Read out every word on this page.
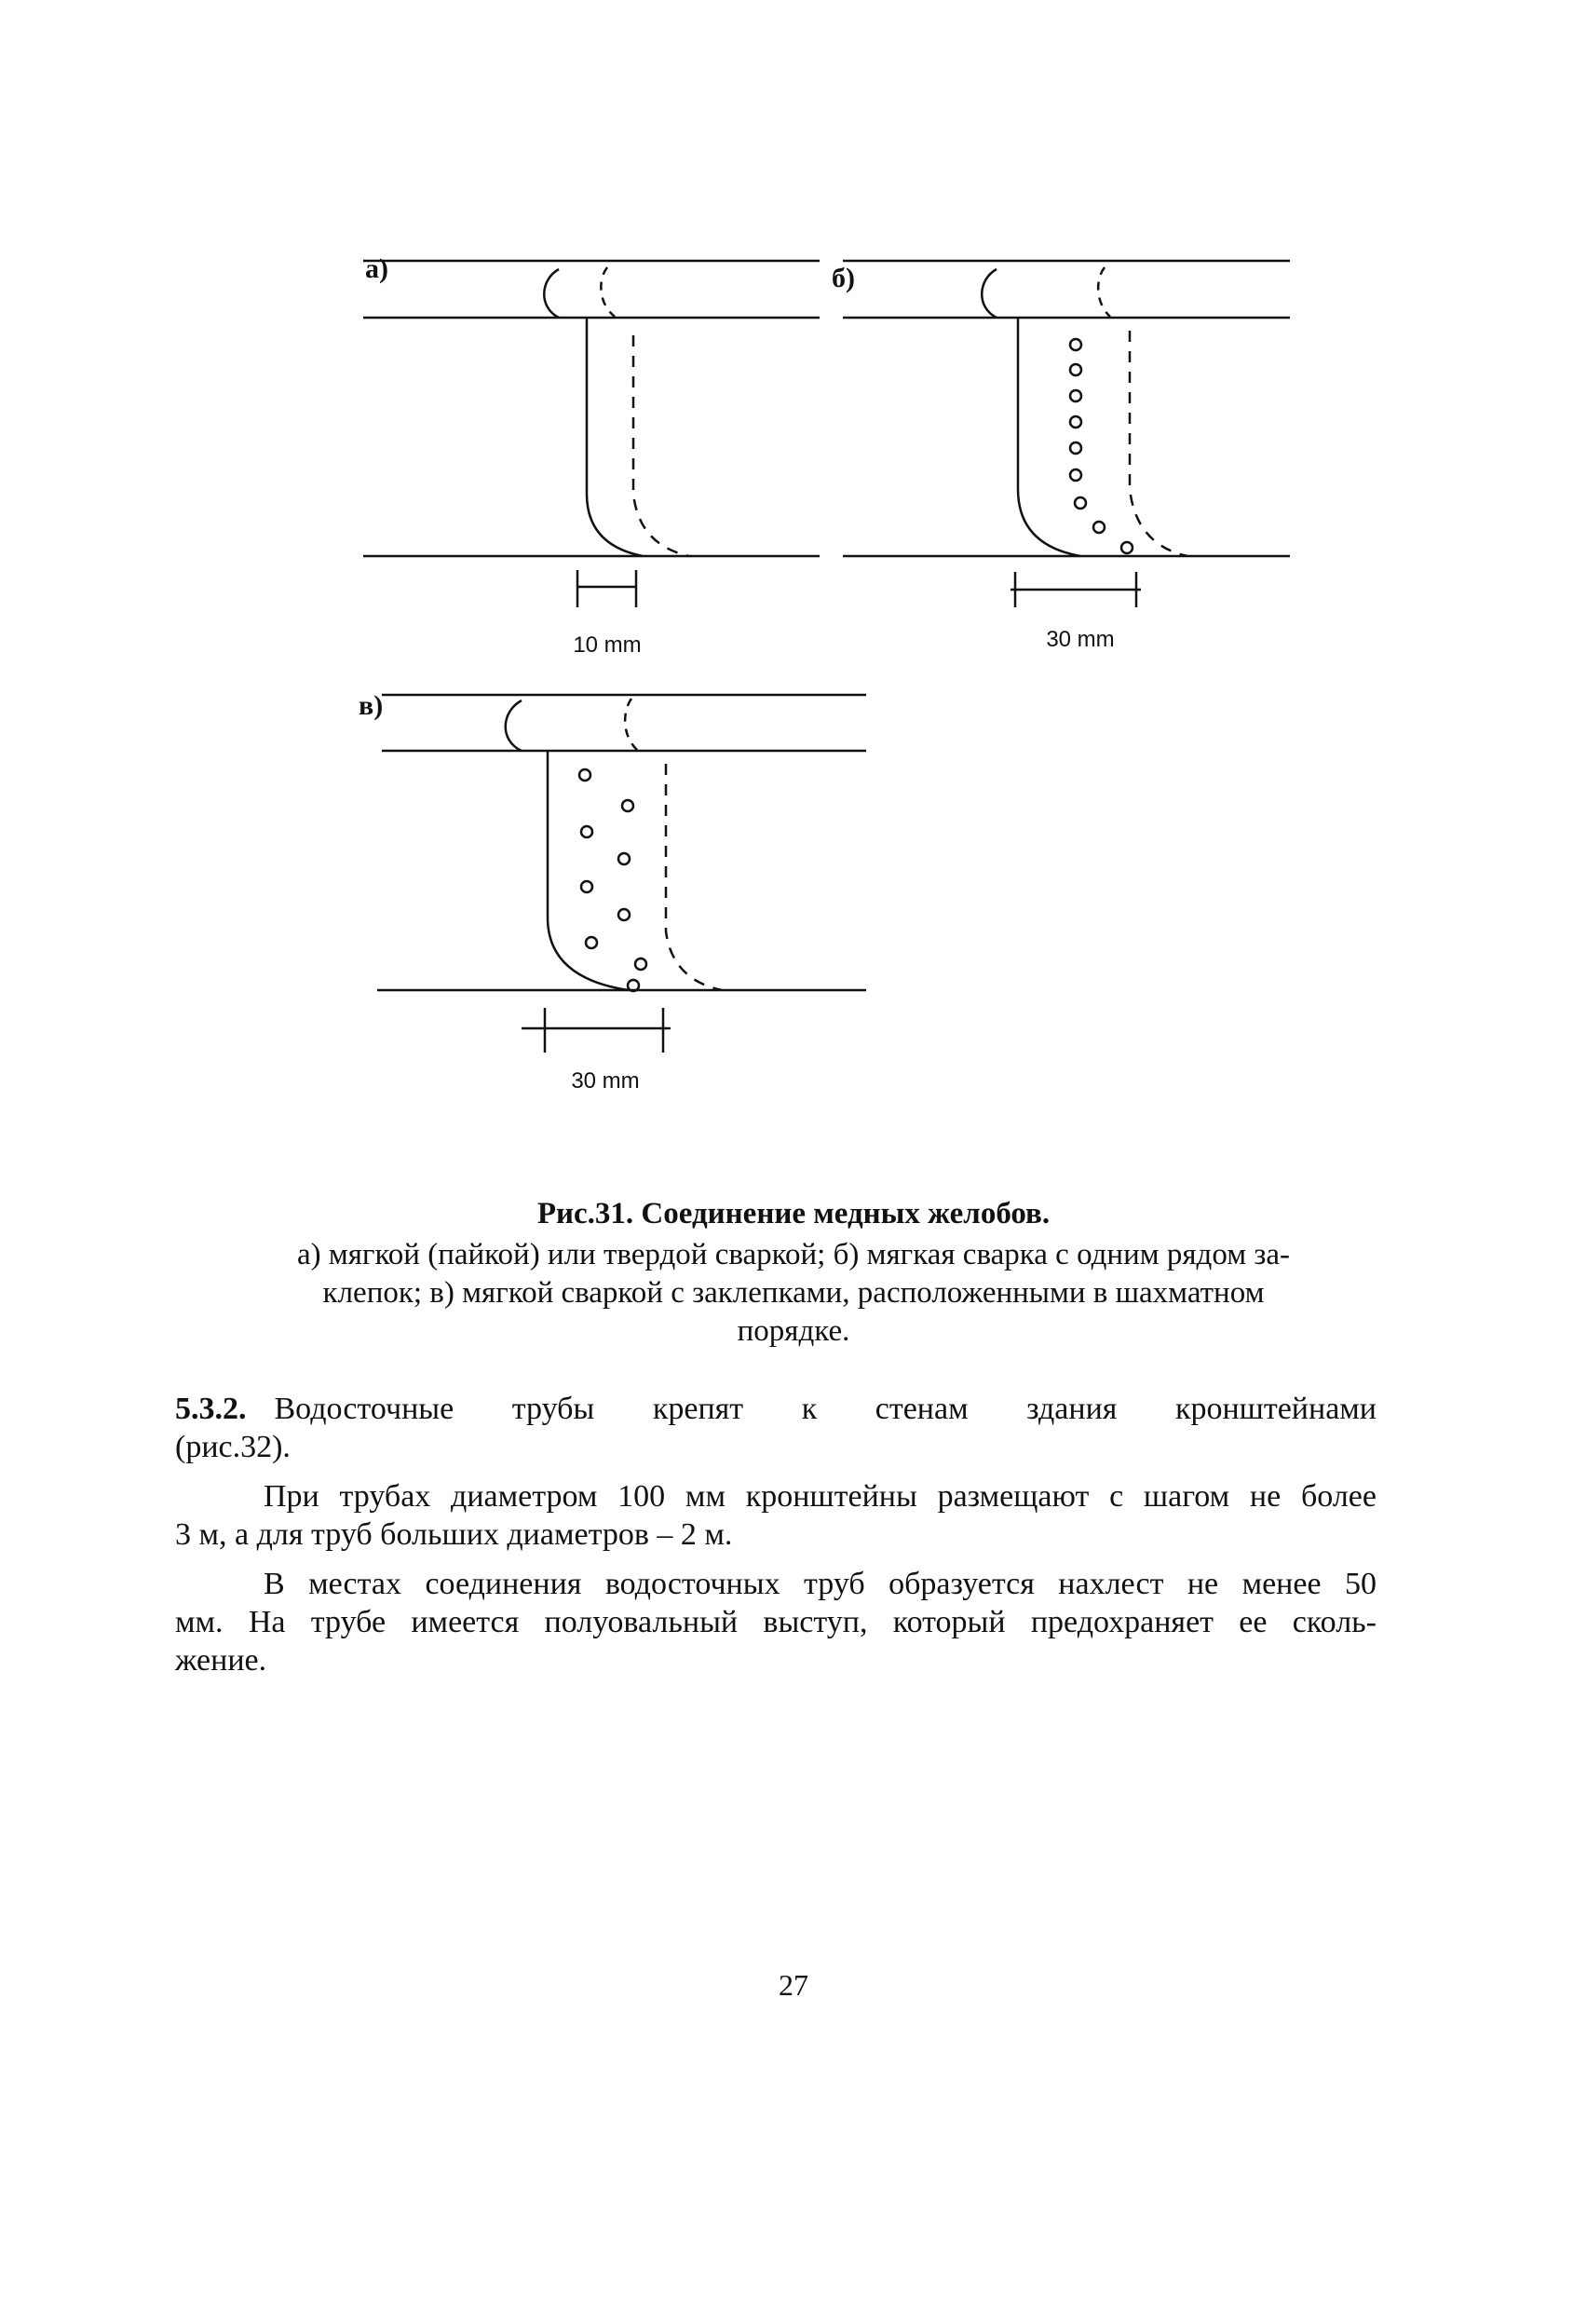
а)	б)
в)
10 mm	30 mm
30 mm
Рис.31. Соединение медных желобов.
а) мягкой (пайкой) или твердой сваркой; б) мягкая сварка с одним рядом за-
клепок; в) мягкой сваркой с заклепками, расположенными в шахматном
порядке.
5.3.2. Водосточные трубы крепят к стенам здания кронштейнами
(рис.32).
При трубах диаметром 100 мм кронштейны размещают с шагом не более
3 м, а для труб больших диаметров – 2 м.
В местах соединения водосточных труб образуется нахлест не менее 50
мм. На трубе имеется полуовальный выступ, который предохраняет ее сколь-
жение.
27
